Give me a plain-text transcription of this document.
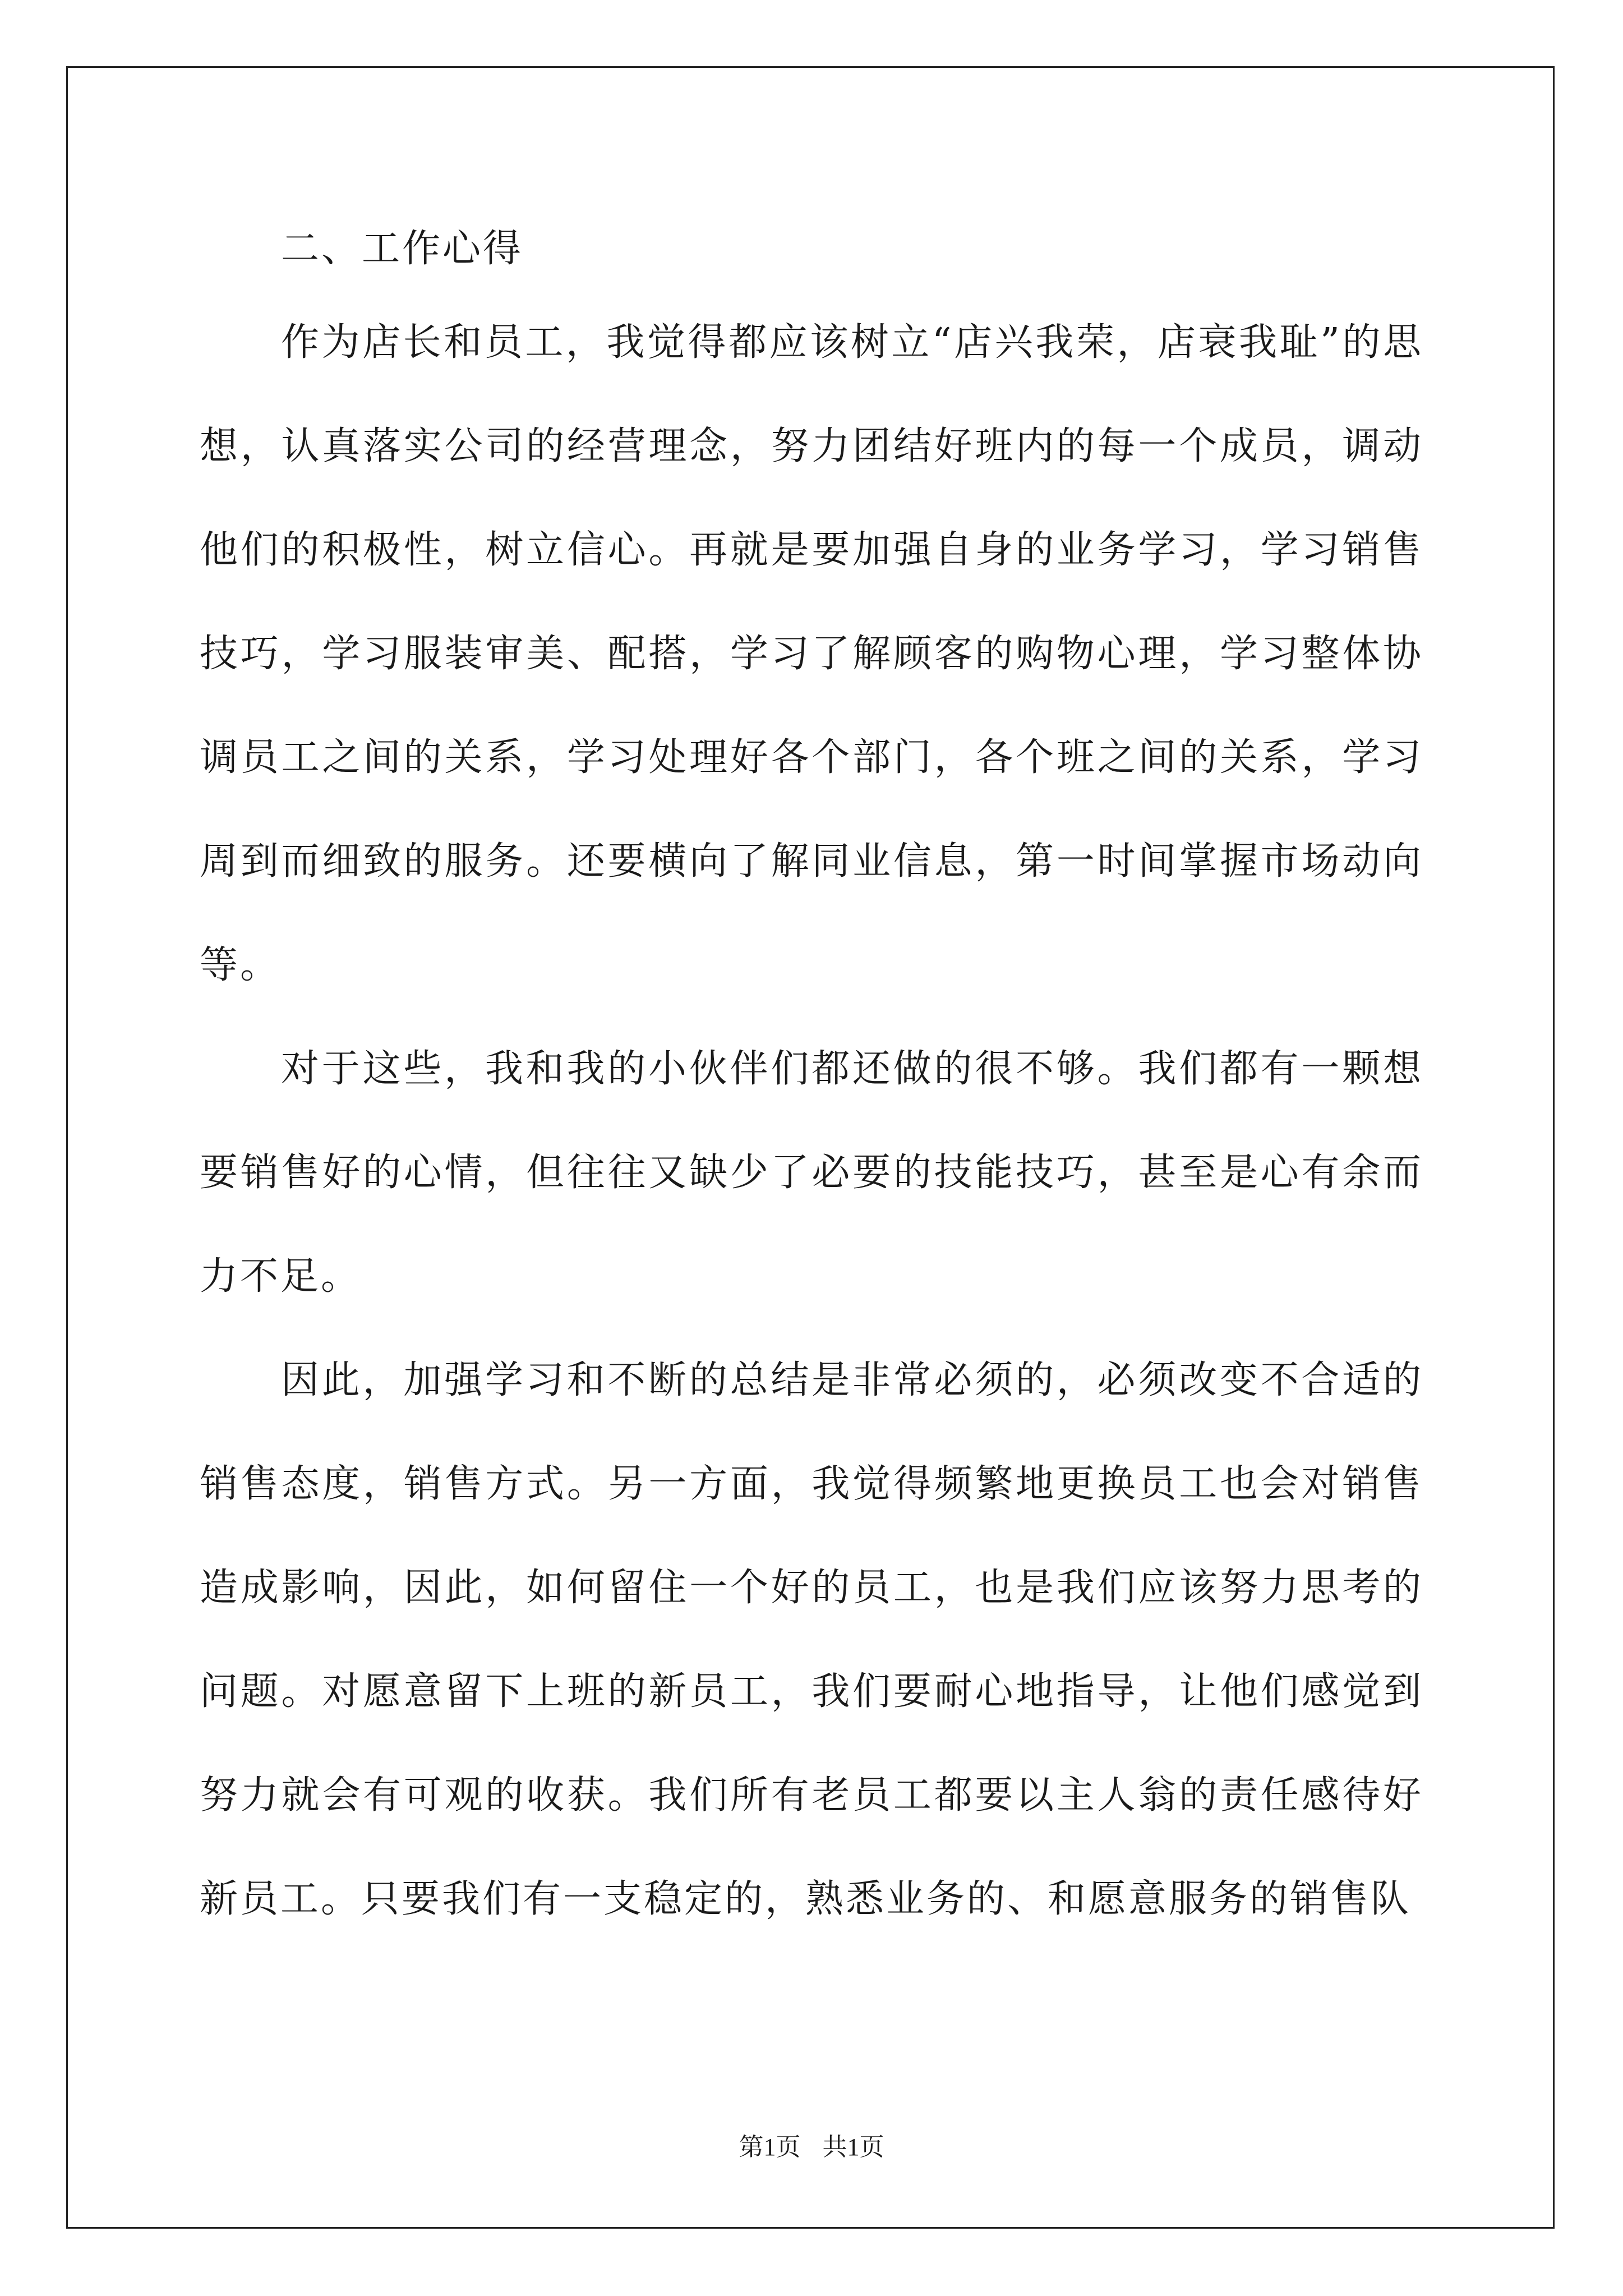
二、工作心得

作为店长和员工，我觉得都应该树立“店兴我荣，店衰我耻”的思想，认真落实公司的经营理念，努力团结好班内的每一个成员，调动他们的积极性，树立信心。再就是要加强自身的业务学习，学习销售技巧，学习服装审美、配搭，学习了解顾客的购物心理，学习整体协调员工之间的关系，学习处理好各个部门，各个班之间的关系，学习周到而细致的服务。还要横向了解同业信息，第一时间掌握市场动向等。

对于这些，我和我的小伙伴们都还做的很不够。我们都有一颗想要销售好的心情，但往往又缺少了必要的技能技巧，甚至是心有余而力不足。

因此，加强学习和不断的总结是非常必须的，必须改变不合适的销售态度，销售方式。另一方面，我觉得频繁地更换员工也会对销售造成影响，因此，如何留住一个好的员工，也是我们应该努力思考的问题。对愿意留下上班的新员工，我们要耐心地指导，让他们感觉到努力就会有可观的收获。我们所有老员工都要以主人翁的责任感待好新员工。只要我们有一支稳定的，熟悉业务的、和愿意服务的销售队

第1页 共1页
